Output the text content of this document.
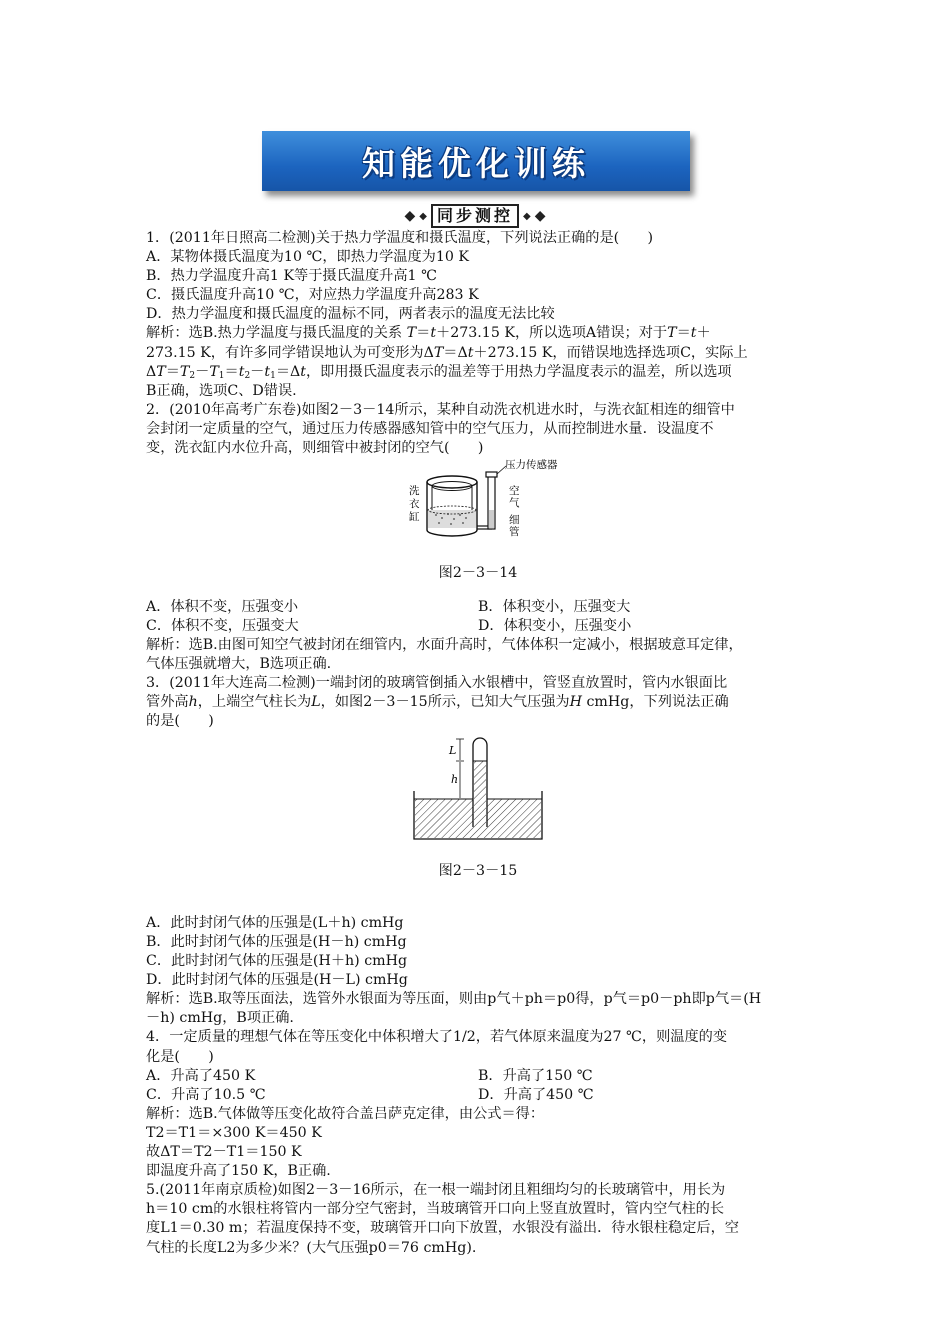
知能优化训练
◆ ◆ 同步测控	◆ ◆

1．(2011年日照高二检测)关于热力学温度和摄氏温度，下列说法正确的是(　　)

A．某物体摄氏温度为10 ℃，即热力学温度为10 K

B．热力学温度升高1 K等于摄氏温度升高1 ℃

C．摄氏温度升高10 ℃，对应热力学温度升高283 K

D．热力学温度和摄氏温度的温标不同，两者表示的温度无法比较

解析：选B.热力学温度与摄氏温度的关系 T＝t＋273.15 K，所以选项A错误；对于T＝t＋

273.15 K，有许多同学错误地认为可变形为ΔT＝Δt＋273.15 K，而错误地选择选项C，实际上

$\Delta T=T_2-T_1=t_2-t_1=\Delta t$，即用摄氏温度表示的温差等于用热力学温度表示的温差，所以选项

B正确，选项C、D错误.

2．(2010年高考广东卷)如图2－3－14所示，某种自动洗衣机进水时，与洗衣缸相连的细管中

会封闭一定质量的空气，通过压力传感器感知管中的空气压力，从而控制进水量．设温度不

变，洗衣缸内水位升高，则细管中被封闭的空气(　　)

压力传感器
洗
衣
缸
空
气
细
管

图2－3－14

A．体积不变，压强变小	B．体积变小，压强变大
C．体积不变，压强变大	D．体积变小，压强变小

解析：选B.由图可知空气被封闭在细管内，水面升高时，气体体积一定减小，根据玻意耳定律，

气体压强就增大，B选项正确.

3．(2011年大连高二检测)一端封闭的玻璃管倒插入水银槽中，管竖直放置时，管内水银面比

管外高h，上端空气柱长为L，如图2－3－15所示，已知大气压强为H cmHg，下列说法正确

的是(　　)

L
h

图2－3－15

A．此时封闭气体的压强是(L＋h) cmHg

B．此时封闭气体的压强是(H－h) cmHg

C．此时封闭气体的压强是(H＋h) cmHg

D．此时封闭气体的压强是(H－L) cmHg

解析：选B.取等压面法，选管外水银面为等压面，则由p气＋ph＝p0得，p气＝p0－ph即p气＝(H

－h) cmHg，B项正确.

4．一定质量的理想气体在等压变化中体积增大了1/2，若气体原来温度为27 ℃，则温度的变

化是(　　)

A．升高了450 K	B．升高了150 ℃
C．升高了10.5 ℃	D．升高了450 ℃

解析：选B.气体做等压变化故符合盖吕萨克定律，由公式＝得：

T2＝T1＝×300 K＝450 K

故ΔT＝T2－T1＝150 K

即温度升高了150 K，B正确.

5.(2011年南京质检)如图2－3－16所示，在一根一端封闭且粗细均匀的长玻璃管中，用长为

h＝10 cm的水银柱将管内一部分空气密封，当玻璃管开口向上竖直放置时，管内空气柱的长

度L1＝0.30 m；若温度保持不变，玻璃管开口向下放置，水银没有溢出．待水银柱稳定后，空

气柱的长度L2为多少米？(大气压强p0＝76 cmHg).
